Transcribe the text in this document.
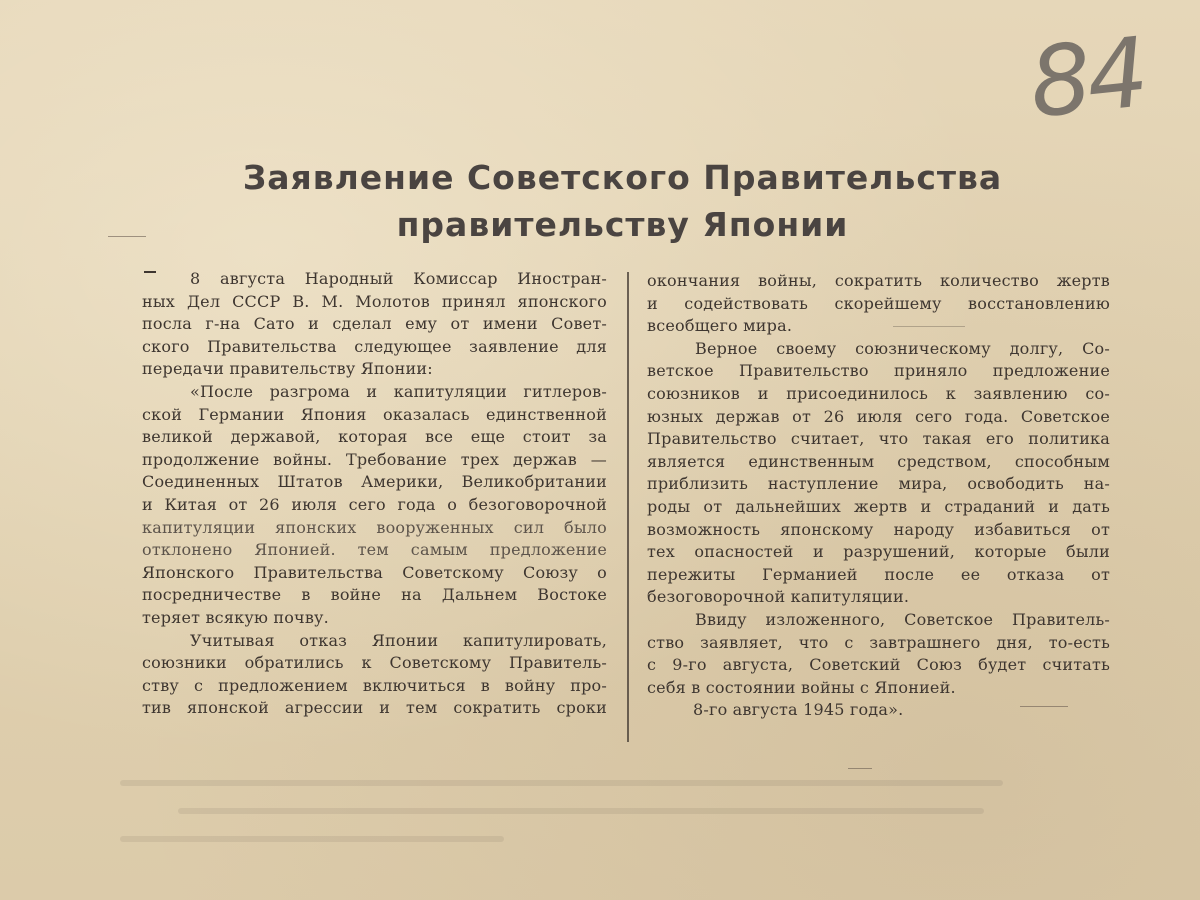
84
Заявление Советского Правительства
правительству Японии
8 августа Народный Комиссар Иностран-
ных Дел СССР В. М. Молотов принял японского
посла г-на Сато и сделал ему от имени Совет-
ского Правительства следующее заявление для
передачи правительству Японии:
«После разгрома и капитуляции гитлеров-
ской Германии Япония оказалась единственной
великой державой, которая все еще стоит за
продолжение войны. Требование трех держав —
Соединенных Штатов Америки, Великобритании
и Китая от 26 июля сего года о безоговорочной
капитуляции японских вооруженных сил было
отклонено Японией. тем самым предложение
Японского Правительства Советскому Союзу о
посредничестве в войне на Дальнем Востоке
теряет всякую почву.
Учитывая отказ Японии капитулировать,
союзники обратились к Советскому Правитель-
ству с предложением включиться в войну про-
тив японской агрессии и тем сократить сроки
окончания войны, сократить количество жертв
и содействовать скорейшему восстановлению
всеобщего мира.
Верное своему союзническому долгу, Со-
ветское Правительство приняло предложение
союзников и присоединилось к заявлению со-
юзных держав от 26 июля сего года. Советское
Правительство считает, что такая его политика
является единственным средством, способным
приблизить наступление мира, освободить на-
роды от дальнейших жертв и страданий и дать
возможность японскому народу избавиться от
тех опасностей и разрушений, которые были
пережиты Германией после ее отказа от
безоговорочной капитуляции.
Ввиду изложенного, Советское Правитель-
ство заявляет, что с завтрашнего дня, то-есть
с 9-го августа, Советский Союз будет считать
себя в состоянии войны с Японией.
8-го августа 1945 года».
